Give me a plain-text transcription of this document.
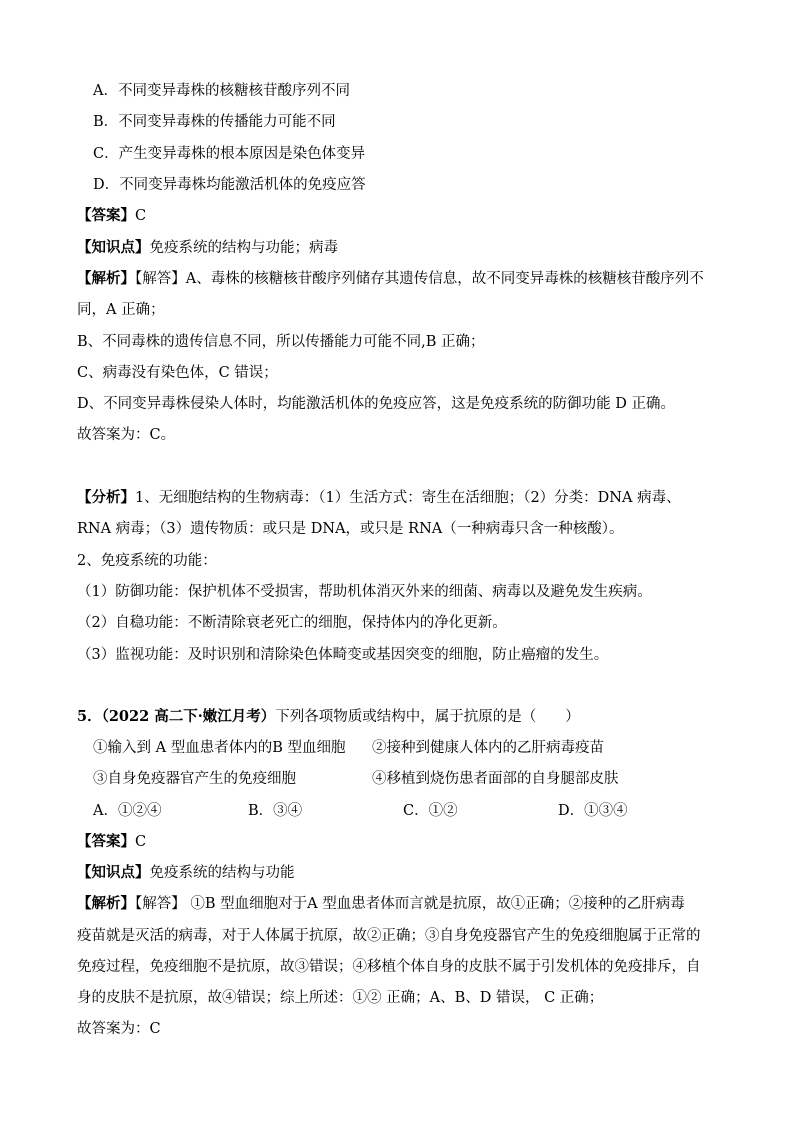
A．不同变异毒株的核糖核苷酸序列不同
B．不同变异毒株的传播能力可能不同
C．产生变异毒株的根本原因是染色体变异
D．不同变异毒株均能激活机体的免疫应答
【答案】C
【知识点】免疫系统的结构与功能；病毒
【解析】【解答】A、毒株的核糖核苷酸序列储存其遗传信息，故不同变异毒株的核糖核苷酸序列不
同，A 正确；
B、不同毒株的遗传信息不同，所以传播能力可能不同,B 正确；
C、病毒没有染色体，C 错误；
D、不同变异毒株侵染人体时，均能激活机体的免疫应答，这是免疫系统的防御功能 D 正确。
故答案为：C。
【分析】1、无细胞结构的生物病毒：（1）生活方式：寄生在活细胞；（2）分类：DNA 病毒、
RNA 病毒；（3）遗传物质：或只是 DNA，或只是 RNA（一种病毒只含一种核酸）。
2、免疫系统的功能：
（1）防御功能：保护机体不受损害，帮助机体消灭外来的细菌、病毒以及避免发生疾病。
（2）自稳功能：不断清除衰老死亡的细胞，保持体内的净化更新。
（3）监视功能：及时识别和清除染色体畸变或基因突变的细胞，防止癌瘤的发生。
5．（2022 高二下·嫩江月考）下列各项物质或结构中，属于抗原的是（　　）
①输入到 A 型血患者体内的B 型血细胞 ②接种到健康人体内的乙肝病毒疫苗
③自身免疫器官产生的免疫细胞	④移植到烧伤患者面部的自身腿部皮肤
A．①②④	B．③④	C．①②	D．①③④
【答案】C
【知识点】免疫系统的结构与功能
【解析】【解答】 ①B 型血细胞对于A 型血患者体而言就是抗原，故①正确；②接种的乙肝病毒
疫苗就是灭活的病毒，对于人体属于抗原，故②正确；③自身免疫器官产生的免疫细胞属于正常的
免疫过程，免疫细胞不是抗原，故③错误；④移植个体自身的皮肤不属于引发机体的免疫排斥，自
身的皮肤不是抗原，故④错误；综上所述：①② 正确；A、B、D 错误， C 正确；
故答案为：C
